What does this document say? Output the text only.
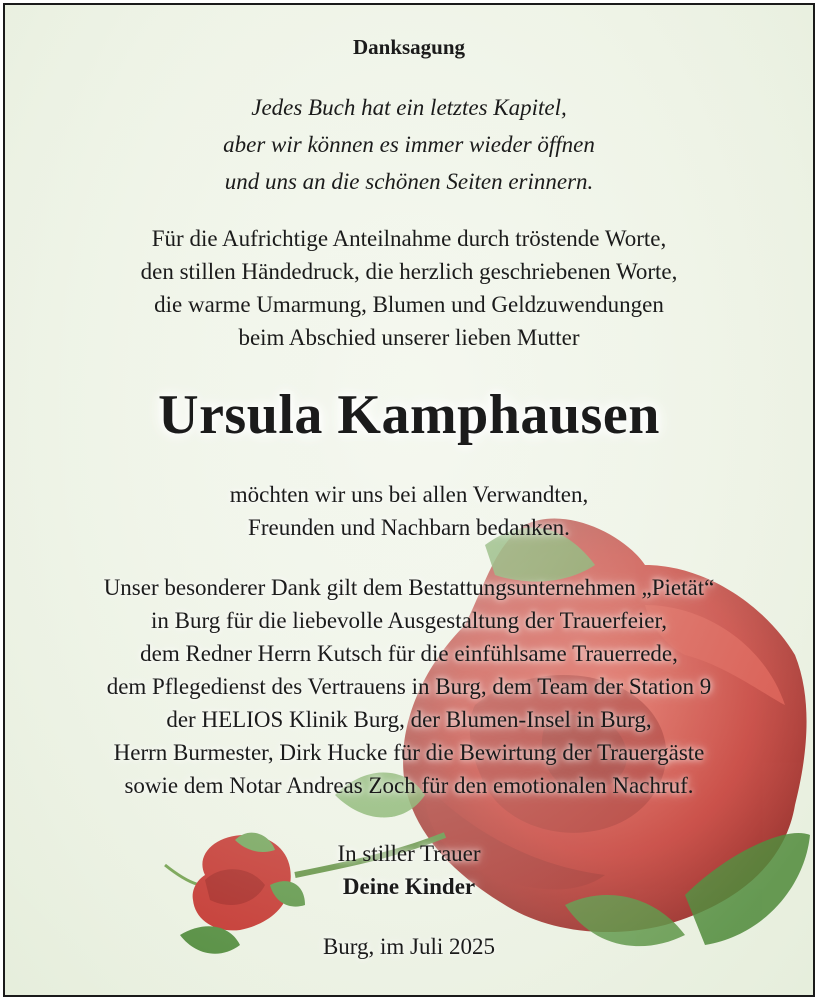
Danksagung
Jedes Buch hat ein letztes Kapitel,
aber wir können es immer wieder öffnen
und uns an die schönen Seiten erinnern.
Für die Aufrichtige Anteilnahme durch tröstende Worte,
den stillen Händedruck, die herzlich geschriebenen Worte,
die warme Umarmung, Blumen und Geldzuwendungen
beim Abschied unserer lieben Mutter
Ursula Kamphausen
möchten wir uns bei allen Verwandten,
Freunden und Nachbarn bedanken.
Unser besonderer Dank gilt dem Bestattungsunternehmen „Pietät“
in Burg für die liebevolle Ausgestaltung der Trauerfeier,
dem Redner Herrn Kutsch für die einfühlsame Trauerrede,
dem Pflegedienst des Vertrauens in Burg, dem Team der Station 9
der HELIOS Klinik Burg, der Blumen-Insel in Burg,
Herrn Burmester, Dirk Hucke für die Bewirtung der Trauergäste
sowie dem Notar Andreas Zoch für den emotionalen Nachruf.
In stiller Trauer
Deine Kinder
Burg, im Juli 2025
